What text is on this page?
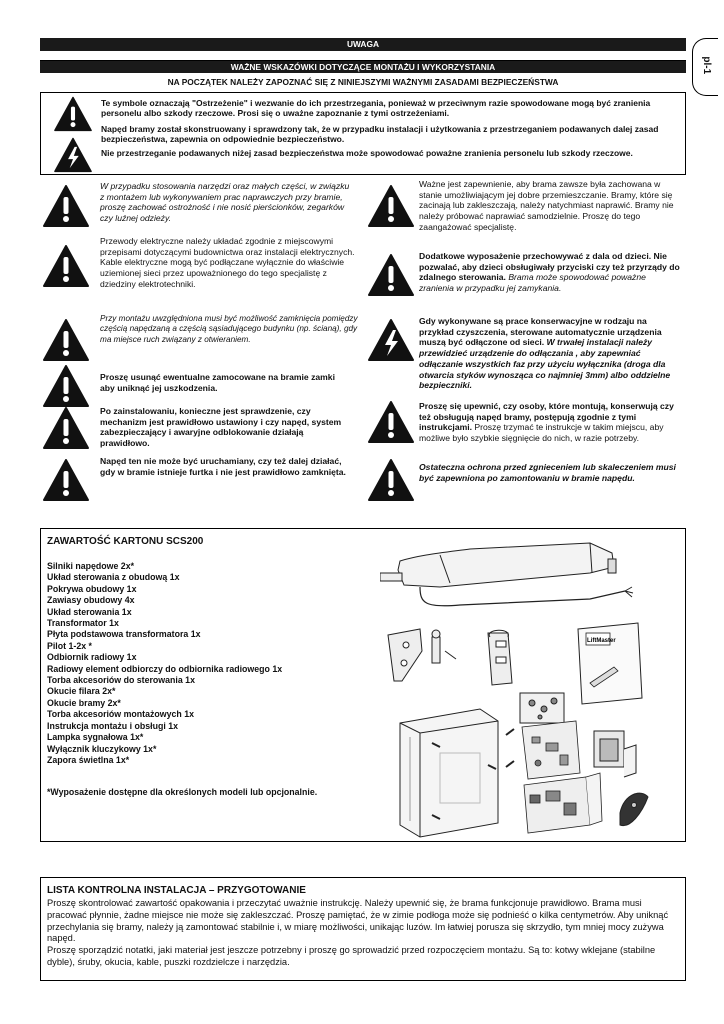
UWAGA
WAŻNE WSKAZÓWKI DOTYCZĄCE MONTAŻU I WYKORZYSTANIA	pl-1
NA POCZĄTEK NALEŻY ZAPOZNAĆ SIĘ Z NINIEJSZYMI WAŻNYMI ZASADAMI BEZPIECZEŃSTWA

Te symbole oznaczają "Ostrzeżenie" i wezwanie do ich przestrzegania, ponieważ w przeciwnym razie spowodowane mogą być zranienia personelu albo szkody rzeczowe. Prosi się o uważne zapoznanie z tymi ostrzeżeniami.

Napęd bramy został skonstruowany i sprawdzony tak, że w przypadku instalacji i użytkowania z przestrzeganiem podawanych dalej zasad bezpieczeństwa, zapewnia on odpowiednie bezpieczeństwo.

Nie przestrzeganie podawanych niżej zasad bezpieczeństwa może spowodować poważne zranienia personelu lub szkody rzeczowe.

W przypadku stosowania narzędzi oraz małych części, w związku z montażem lub wykonywaniem prac naprawczych przy bramie, proszę zachować ostrożność i nie nosić pierścionków, zegarków czy luźnej odzieży.
Przewody elektryczne należy układać zgodnie z miejscowymi przepisami dotyczącymi budownictwa oraz instalacji elektrycznych. Kable elektryczne mogą być podłączane wyłącznie do właściwie uziemionej sieci przez upoważnionego do tego specjalistę z dziedziny elektrotechniki.
Przy montażu uwzględniona musi być możliwość zamknięcia pomiędzy częścią napędzaną a częścią sąsiadującego budynku (np. ścianą), gdy ma miejsce ruch związany z otwieraniem.
Proszę usunąć ewentualne zamocowane na bramie zamki aby uniknąć jej uszkodzenia.
Po zainstalowaniu, konieczne jest sprawdzenie, czy mechanizm jest prawidłowo ustawiony i czy napęd, system zabezpieczający i awaryjne odblokowanie działają prawidłowo.
Napęd ten nie może być uruchamiany, czy też dalej działać, gdy w bramie istnieje furtka i nie jest prawidłowo zamknięta.
Ważne jest zapewnienie, aby brama zawsze była zachowana w stanie umożliwiającym jej dobre przemieszczanie. Bramy, które się zacinają lub zakleszczają, należy natychmiast naprawić. Bramy nie należy próbować naprawiać samodzielnie. Proszę do tego zaangażować specjalistę.
Dodatkowe wyposażenie przechowywać z dala od dzieci. Nie pozwalać, aby dzieci obsługiwały przyciski czy też przyrządy do zdalnego sterowania. Brama może spowodować poważne zranienia w przypadku jej zamykania.
Gdy wykonywane są prace konserwacyjne w rodzaju na przykład czyszczenia, sterowane automatycznie urządzenia muszą być odłączone od sieci. W trwałej instalacji należy przewidzieć urządzenie do odłączania , aby zapewniać odłączanie wszystkich faz przy użyciu wyłącznika (droga dla otwarcia styków wynosząca co najmniej 3mm) albo oddzielne bezpieczniki.
Proszę się upewnić, czy osoby, które montują, konserwują czy też obsługują napęd bramy, postępują zgodnie z tymi instrukcjami. Proszę trzymać te instrukcje w takim miejscu, aby możliwe było szybkie sięgnięcie do nich, w razie potrzeby.
Ostateczna ochrona przed zgnieceniem lub skaleczeniem musi być zapewniona po zamontowaniu w bramie napędu.
ZAWARTOŚĆ KARTONU SCS200
Silniki napędowe 2x*
Układ sterowania z obudową 1x
Pokrywa obudowy 1x
Zawiasy obudowy 4x
Układ sterowania 1x
Transformator 1x
Płyta podstawowa transformatora 1x
Pilot 1-2x *
Odbiornik radiowy 1x
Radiowy element odbiorczy do odbiornika radiowego 1x
Torba akcesoriów do sterowania 1x
Okucie filara 2x*
Okucie bramy 2x*
Torba akcesoriów montażowych 1x
Instrukcja montażu i obsługi 1x
Lampka sygnałowa 1x*
Wyłącznik kluczykowy 1x*
Zapora świetlna 1x*
*Wyposażenie dostępne dla określonych modeli lub opcjonalnie.
LiftMaster
LISTA KONTROLNA INSTALACJA – PRZYGOTOWANIE

Proszę skontrolować zawartość opakowania i przeczytać uważnie instrukcję. Należy upewnić się, że brama funkcjonuje prawidłowo. Brama musi pracować płynnie, żadne miejsce nie może się zakleszczać. Proszę pamiętać, że w zimie podłoga może się podnieść o kilka centymetrów. Aby uniknąć przechylania się bramy, należy ją zamontować stabilnie i, w miarę możliwości, unikając luzów. Im łatwiej porusza się skrzydło, tym mniej mocy zużywa napęd.

Proszę sporządzić notatki, jaki materiał jest jeszcze potrzebny i proszę go sprowadzić przed rozpoczęciem montażu. Są to: kotwy wklejane (stabilne dyble), śruby, okucia, kable, puszki rozdzielcze i narzędzia.
